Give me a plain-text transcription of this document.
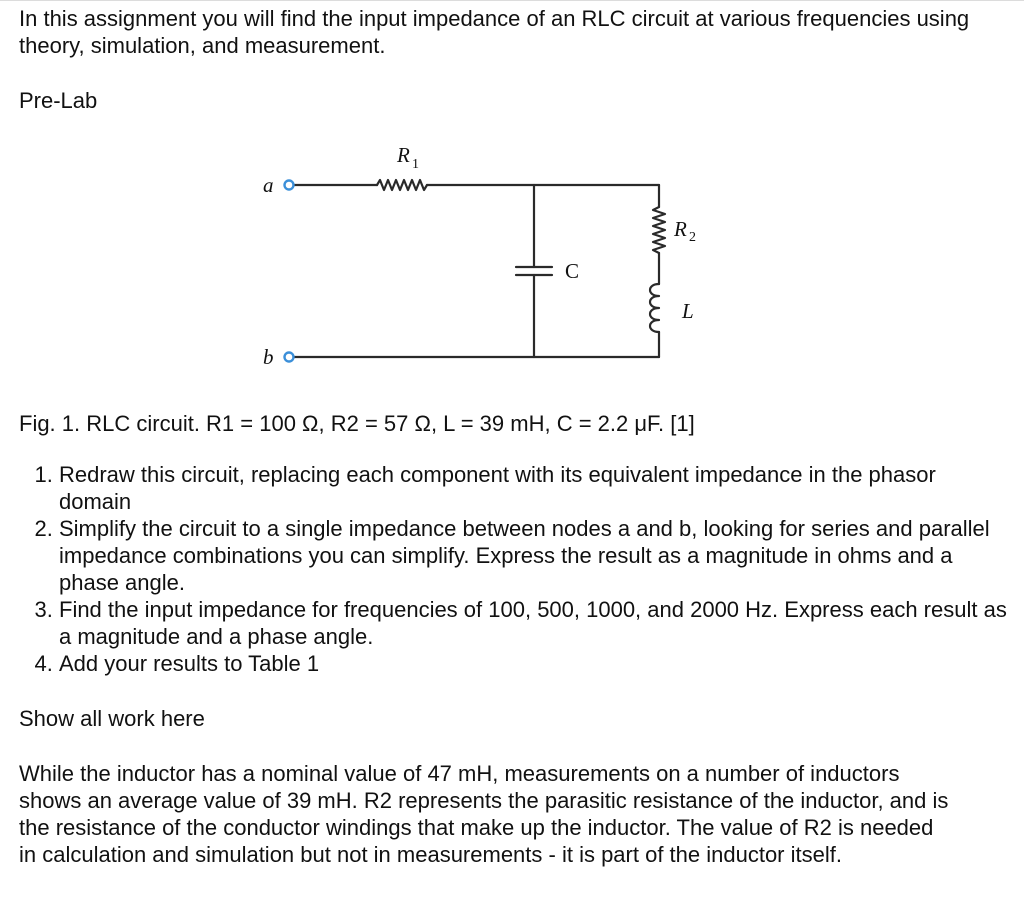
In this assignment you will find the input impedance of an RLC circuit at various frequencies using theory, simulation, and measurement.

Pre-Lab

a
b
R 1
R 2
C
L

Fig. 1. RLC circuit. R1 = 100 Ω, R2 = 57 Ω, L = 39 mH, C = 2.2 μF. [1]

1. Redraw this circuit, replacing each component with its equivalent impedance in the phasor domain
2. Simplify the circuit to a single impedance between nodes a and b, looking for series and parallel impedance combinations you can simplify. Express the result as a magnitude in ohms and a phase angle.
3. Find the input impedance for frequencies of 100, 500, 1000, and 2000 Hz. Express each result as a magnitude and a phase angle.
4. Add your results to Table 1

Show all work here

While the inductor has a nominal value of 47 mH, measurements on a number of inductors shows an average value of 39 mH. R2 represents the parasitic resistance of the inductor, and is the resistance of the conductor windings that make up the inductor. The value of R2 is needed in calculation and simulation but not in measurements - it is part of the inductor itself.
